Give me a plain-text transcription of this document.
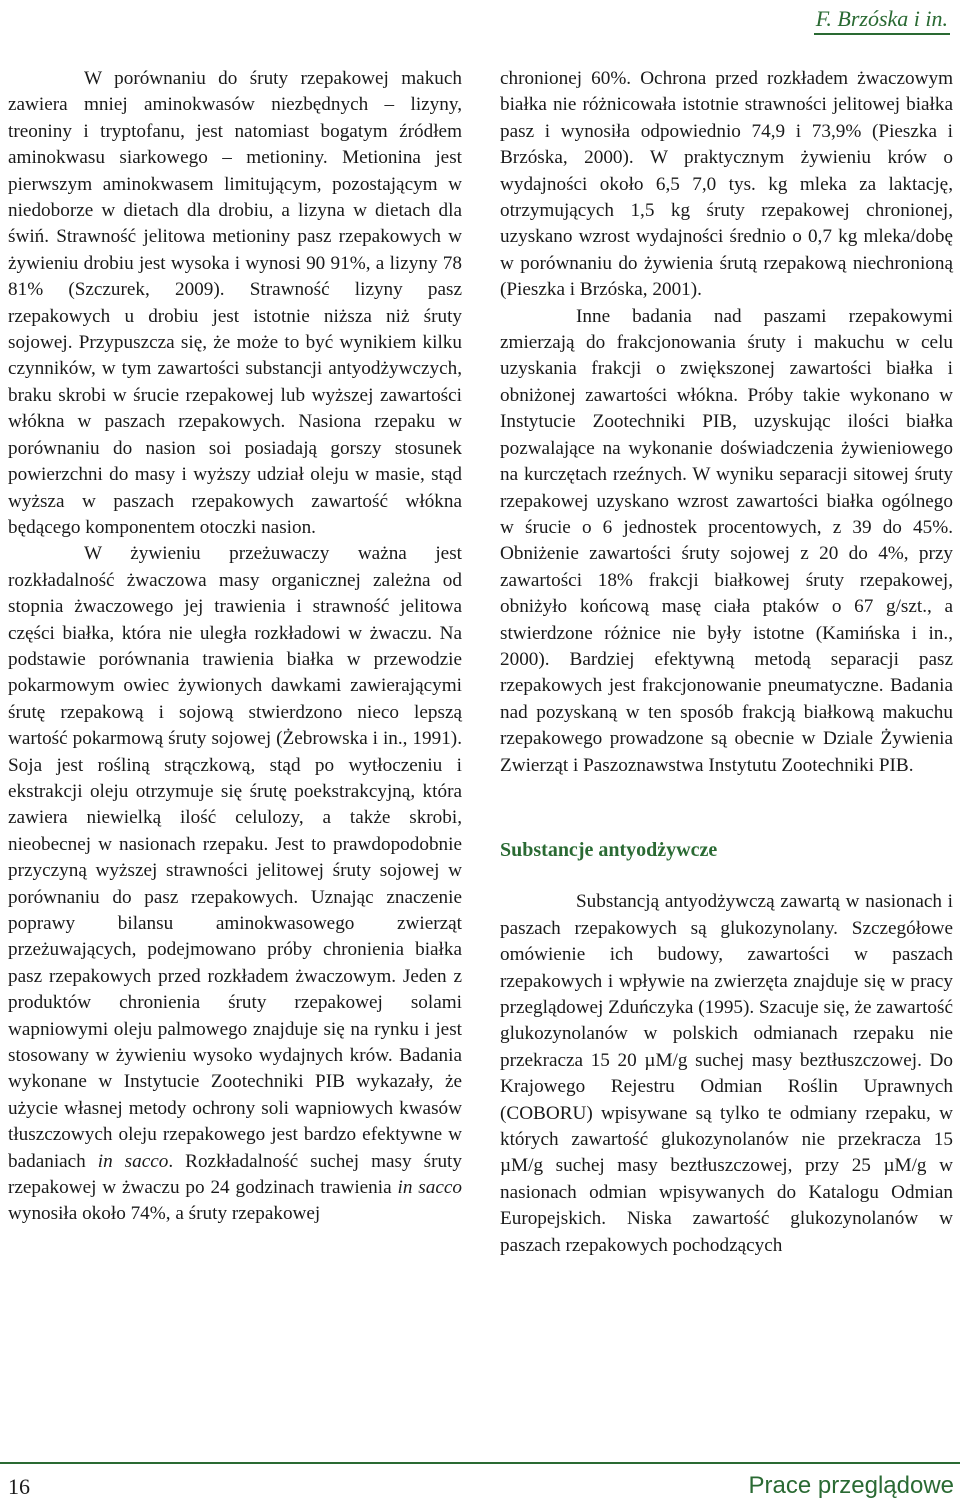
F. Brzóska i in.

W porównaniu do śruty rzepakowej makuch zawiera mniej aminokwasów niezbędnych – lizyny, treoniny i tryptofanu, jest natomiast bogatym źródłem aminokwasu siarkowego – metioniny. Metionina jest pierwszym aminokwasem limitującym, pozostającym w niedoborze w dietach dla drobiu, a lizyna w dietach dla świń. Strawność jelitowa metioniny pasz rzepakowych w żywieniu drobiu jest wysoka i wynosi 90 91%, a lizyny 78 81% (Szczurek, 2009). Strawność lizyny pasz rzepakowych u drobiu jest istotnie niższa niż śruty sojowej. Przypuszcza się, że może to być wynikiem kilku czynników, w tym zawartości substancji antyodżywczych, braku skrobi w śrucie rzepakowej lub wyższej zawartości włókna w paszach rzepakowych. Nasiona rzepaku w porównaniu do nasion soi posiadają gorszy stosunek powierzchni do masy i wyższy udział oleju w masie, stąd wyższa w paszach rzepakowych zawartość włókna będącego komponentem otoczki nasion.

W żywieniu przeżuwaczy ważna jest rozkładalność żwaczowa masy organicznej zależna od stopnia żwaczowego jej trawienia i strawność jelitowa części białka, która nie uległa rozkładowi w żwaczu. Na podstawie porównania trawienia białka w przewodzie pokarmowym owiec żywionych dawkami zawierającymi śrutę rzepakową i sojową stwierdzono nieco lepszą wartość pokarmową śruty sojowej (Żebrowska i in., 1991). Soja jest rośliną strączkową, stąd po wytłoczeniu i ekstrakcji oleju otrzymuje się śrutę poekstrakcyjną, która zawiera niewielką ilość celulozy, a także skrobi, nieobecnej w nasionach rzepaku. Jest to prawdopodobnie przyczyną wyższej strawności jelitowej śruty sojowej w porównaniu do pasz rzepakowych. Uznając znaczenie poprawy bilansu aminokwasowego zwierząt przeżuwających, podejmowano próby chronienia białka pasz rzepakowych przed rozkładem żwaczowym. Jeden z produktów chronienia śruty rzepakowej solami wapniowymi oleju palmowego znajduje się na rynku i jest stosowany w żywieniu wysoko wydajnych krów. Badania wykonane w Instytucie Zootechniki PIB wykazały, że użycie własnej metody ochrony soli wapniowych kwasów tłuszczowych oleju rzepakowego jest bardzo efektywne w badaniach in sacco. Rozkładalność suchej masy śruty rzepakowej w żwaczu po 24 godzinach trawienia in sacco wynosiła około 74%, a śruty rzepakowej

chronionej 60%. Ochrona przed rozkładem żwaczowym białka nie różnicowała istotnie strawności jelitowej białka pasz i wynosiła odpowiednio 74,9 i 73,9% (Pieszka i Brzóska, 2000). W praktycznym żywieniu krów o wydajności około 6,5 7,0 tys. kg mleka za laktację, otrzymujących 1,5 kg śruty rzepakowej chronionej, uzyskano wzrost wydajności średnio o 0,7 kg mleka/dobę w porównaniu do żywienia śrutą rzepakową niechronioną (Pieszka i Brzóska, 2001).

Inne badania nad paszami rzepakowymi zmierzają do frakcjonowania śruty i makuchu w celu uzyskania frakcji o zwiększonej zawartości białka i obniżonej zawartości włókna. Próby takie wykonano w Instytucie Zootechniki PIB, uzyskując ilości białka pozwalające na wykonanie doświadczenia żywieniowego na kurczętach rzeźnych. W wyniku separacji sitowej śruty rzepakowej uzyskano wzrost zawartości białka ogólnego w śrucie o 6 jednostek procentowych, z 39 do 45%. Obniżenie zawartości śruty sojowej z 20 do 4%, przy zawartości 18% frakcji białkowej śruty rzepakowej, obniżyło końcową masę ciała ptaków o 67 g/szt., a stwierdzone różnice nie były istotne (Kamińska i in., 2000). Bardziej efektywną metodą separacji pasz rzepakowych jest frakcjonowanie pneumatyczne. Badania nad pozyskaną w ten sposób frakcją białkową makuchu rzepakowego prowadzone są obecnie w Dziale Żywienia Zwierząt i Paszoznawstwa Instytutu Zootechniki PIB.

Substancje antyodżywcze

Substancją antyodżywczą zawartą w nasionach i paszach rzepakowych są glukozynolany. Szczegółowe omówienie ich budowy, zawartości w paszach rzepakowych i wpływie na zwierzęta znajduje się w pracy przeglądowej Zduńczyka (1995). Szacuje się, że zawartość glukozynolanów w polskich odmianach rzepaku nie przekracza 15 20 µM/g suchej masy beztłuszczowej. Do Krajowego Rejestru Odmian Roślin Uprawnych (COBORU) wpisywane są tylko te odmiany rzepaku, w których zawartość glukozynolanów nie przekracza 15 µM/g suchej masy beztłuszczowej, przy 25 µM/g w nasionach odmian wpisywanych do Katalogu Odmian Europejskich. Niska zawartość glukozynolanów w paszach rzepakowych pochodzących

16	Prace przeglądowe
